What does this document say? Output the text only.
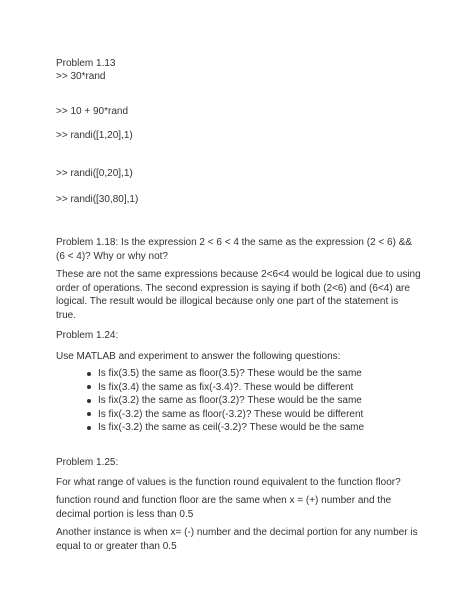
Problem 1.13
>> 30*rand
>> 10 + 90*rand
>> randi([1,20],1)
>> randi([0,20],1)
>> randi([30,80],1)
Problem 1.18: Is the expression 2 < 6 < 4 the same as the expression (2 < 6) && (6 < 4)? Why or why not?
These are not the same expressions because 2<6<4 would be logical due to using order of operations. The second expression is saying if both (2<6) and (6<4) are logical. The result would be illogical because only one part of the statement is true.
Problem 1.24:
Use MATLAB and experiment to answer the following questions:
Is fix(3.5) the same as floor(3.5)? These would be the same
Is fix(3.4) the same as fix(-3.4)?. These would be different
Is fix(3.2) the same as floor(3.2)? These would be the same
Is fix(-3.2) the same as floor(-3.2)? These would be different
Is fix(-3.2) the same as ceil(-3.2)? These would be the same
Problem 1.25:
For what range of values is the function round equivalent to the function floor?
function round and function floor are the same when x = (+) number and the decimal portion is less than 0.5
Another instance is when x= (-) number and the decimal portion for any number is equal to or greater than 0.5
